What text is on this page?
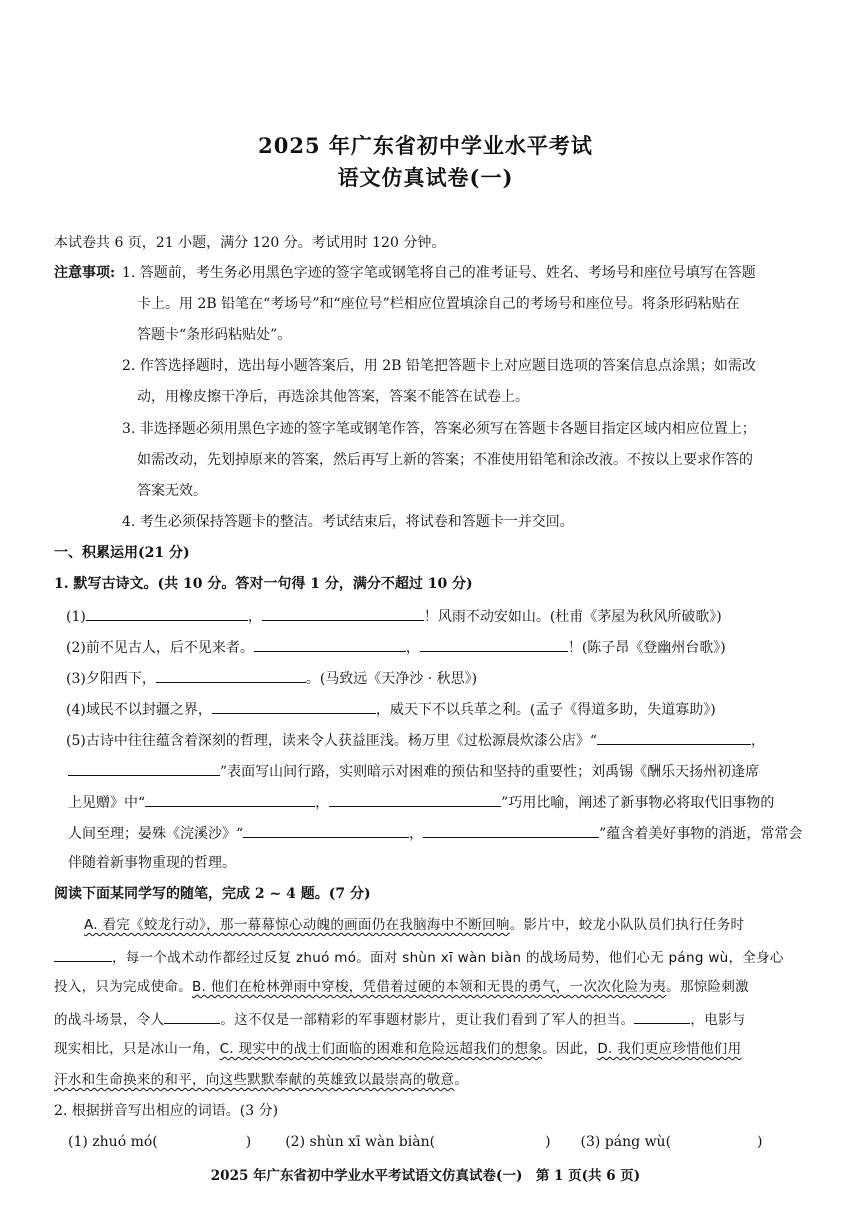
2025 年广东省初中学业水平考试
语文仿真试卷(一)
本试卷共 6 页，21 小题，满分 120 分。考试用时 120 分钟。
注意事项: 1. 答题前，考生务必用黑色字迹的签字笔或钢笔将自己的准考证号、姓名、考场号和座位号填写在答题
卡上。用 2B 铅笔在“考场号”和“座位号”栏相应位置填涂自己的考场号和座位号。将条形码粘贴在
答题卡“条形码粘贴处”。
2. 作答选择题时，选出每小题答案后，用 2B 铅笔把答题卡上对应题目选项的答案信息点涂黑；如需改
动，用橡皮擦干净后，再选涂其他答案，答案不能答在试卷上。
3. 非选择题必须用黑色字迹的签字笔或钢笔作答，答案必须写在答题卡各题目指定区域内相应位置上；
如需改动，先划掉原来的答案，然后再写上新的答案；不准使用铅笔和涂改液。不按以上要求作答的
答案无效。
4. 考生必须保持答题卡的整洁。考试结束后，将试卷和答题卡一并交回。
一、积累运用(21 分)
1. 默写古诗文。(共 10 分。答对一句得 1 分，满分不超过 10 分)
(1)	，	！风雨不动安如山。(杜甫《茅屋为秋风所破歌》)
(2)前不见古人，后不见来者。	，	！(陈子昂《登幽州台歌》)
(3)夕阳西下，	。(马致远《天净沙 · 秋思》)
(4)域民不以封疆之界，	，威天下不以兵革之利。(孟子《得道多助，失道寡助》)
(5)古诗中往往蕴含着深刻的哲理，读来令人获益匪浅。杨万里《过松源晨炊漆公店》“	，
”表面写山间行路，实则暗示对困难的预估和坚持的重要性；刘禹锡《酬乐天扬州初逢席
上见赠》中“	，	”巧用比喻，阐述了新事物必将取代旧事物的
人间至理；晏殊《浣溪沙》“	，	”蕴含着美好事物的消逝，常常会
伴随着新事物重现的哲理。
阅读下面某同学写的随笔，完成 2 ~ 4 题。(7 分)
A. 看完《蛟龙行动》，那一幕幕惊心动魄的画面仍在我脑海中不断回响。影片中，蛟龙小队队员们执行任务时
，每一个战术动作都经过反复 zhuó mó。面对 shùn xī wàn biàn 的战场局势，他们心无 páng wù，全身心
投入，只为完成使命。B. 他们在枪林弹雨中穿梭，凭借着过硬的本领和无畏的勇气，一次次化险为夷。那惊险刺激
的战斗场景，令人	。这不仅是一部精彩的军事题材影片，更让我们看到了军人的担当。	，电影与
现实相比，只是冰山一角，C. 现实中的战士们面临的困难和危险远超我们的想象。因此，D. 我们更应珍惜他们用
汗水和生命换来的和平，向这些默默奉献的英雄致以最崇高的敬意。
2. 根据拼音写出相应的词语。(3 分)
(1) zhuó mó(	) (2) shùn xī wàn biàn(	) (3) páng wù(	)
2025 年广东省初中学业水平考试语文仿真试卷(一)　第 1 页(共 6 页)
